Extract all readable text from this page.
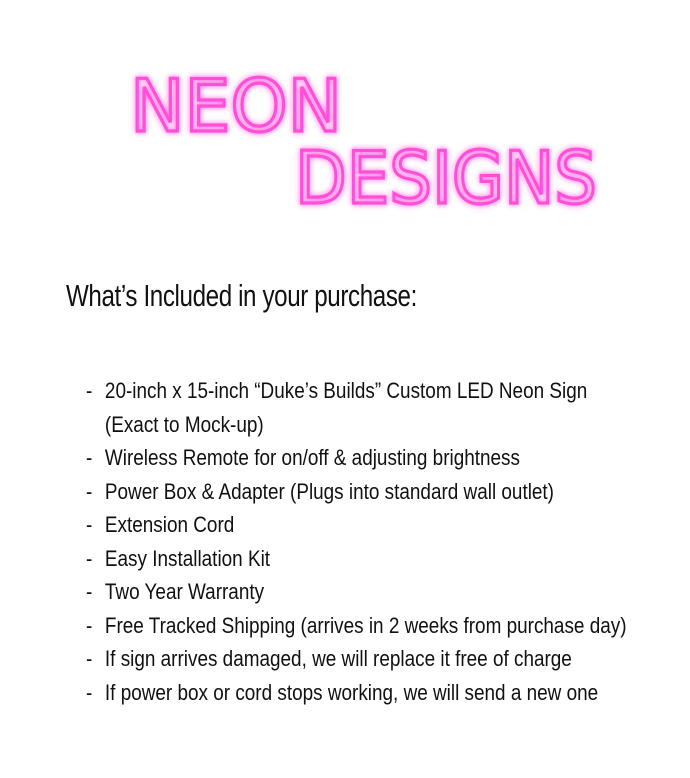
NEON
DESIGNS
What’s Included in your purchase:
- 20-inch x 15-inch “Duke’s Builds” Custom LED Neon Sign
(Exact to Mock-up)
- Wireless Remote for on/off & adjusting brightness
- Power Box & Adapter (Plugs into standard wall outlet)
- Extension Cord
- Easy Installation Kit
- Two Year Warranty
- Free Tracked Shipping (arrives in 2 weeks from purchase day)
- If sign arrives damaged, we will replace it free of charge
- If power box or cord stops working, we will send a new one
